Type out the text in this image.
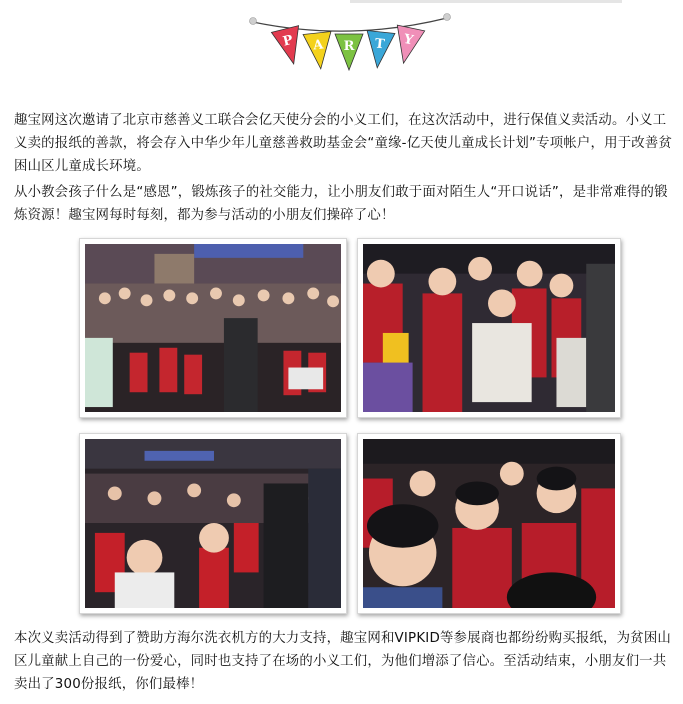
P A R T Y

趣宝网这次邀请了北京市慈善义工联合会亿天使分会的小义工们，在这次活动中，进行保值义卖活动。小义工义卖的报纸的善款，将会存入中华少年儿童慈善救助基金会“童缘-亿天使儿童成长计划”专项帐户，用于改善贫困山区儿童成长环境。

从小教会孩子什么是“感恩”，锻炼孩子的社交能力，让小朋友们敢于面对陌生人“开口说话”，是非常难得的锻炼资源！趣宝网每时每刻，都为参与活动的小朋友们操碎了心！

本次义卖活动得到了赞助方海尔洗衣机方的大力支持，趣宝网和VIPKID等参展商也都纷纷购买报纸，为贫困山区儿童献上自己的一份爱心，同时也支持了在场的小义工们，为他们增添了信心。至活动结束，小朋友们一共卖出了300份报纸，你们最棒！
